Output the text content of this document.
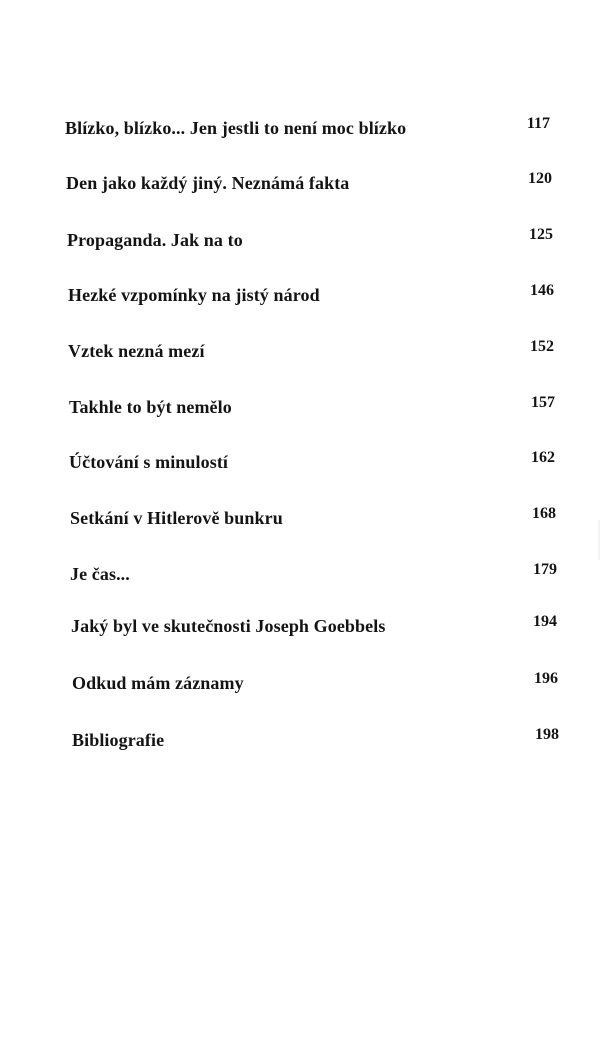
Blízko, blízko... Jen jestli to není moc blízko	117
Den jako každý jiný. Neznámá fakta	120
Propaganda. Jak na to	125
Hezké vzpomínky na jistý národ	146
Vztek nezná mezí	152
Takhle to být nemělo	157
Účtování s minulostí	162
Setkání v Hitlerově bunkru	168
Je čas...	179
Jaký byl ve skutečnosti Joseph Goebbels	194
Odkud mám záznamy	196
Bibliografie	198
